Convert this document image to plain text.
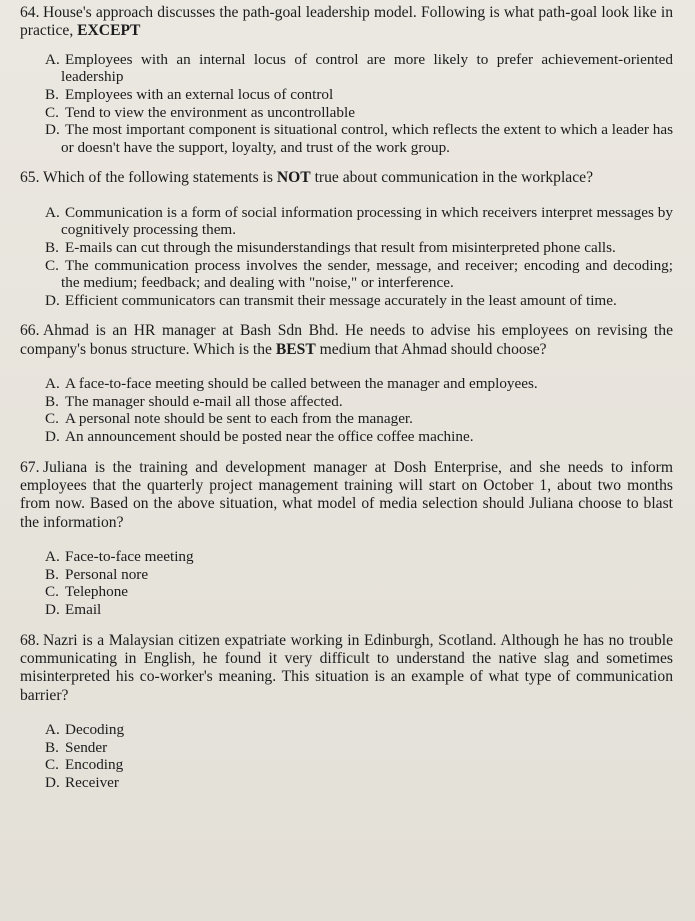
64. House's approach discusses the path-goal leadership model. Following is what path-goal look like in practice, EXCEPT
A. Employees with an internal locus of control are more likely to prefer achievement-oriented leadership
B. Employees with an external locus of control
C. Tend to view the environment as uncontrollable
D. The most important component is situational control, which reflects the extent to which a leader has or doesn't have the support, loyalty, and trust of the work group.
65. Which of the following statements is NOT true about communication in the workplace?
A. Communication is a form of social information processing in which receivers interpret messages by cognitively processing them.
B. E-mails can cut through the misunderstandings that result from misinterpreted phone calls.
C. The communication process involves the sender, message, and receiver; encoding and decoding; the medium; feedback; and dealing with "noise," or interference.
D. Efficient communicators can transmit their message accurately in the least amount of time.
66. Ahmad is an HR manager at Bash Sdn Bhd. He needs to advise his employees on revising the company's bonus structure. Which is the BEST medium that Ahmad should choose?
A. A face-to-face meeting should be called between the manager and employees.
B. The manager should e-mail all those affected.
C. A personal note should be sent to each from the manager.
D. An announcement should be posted near the office coffee machine.
67. Juliana is the training and development manager at Dosh Enterprise, and she needs to inform employees that the quarterly project management training will start on October 1, about two months from now. Based on the above situation, what model of media selection should Juliana choose to blast the information?
A. Face-to-face meeting
B. Personal nore
C. Telephone
D. Email
68. Nazri is a Malaysian citizen expatriate working in Edinburgh, Scotland. Although he has no trouble communicating in English, he found it very difficult to understand the native slag and sometimes misinterpreted his co-worker's meaning. This situation is an example of what type of communication barrier?
A. Decoding
B. Sender
C. Encoding
D. Receiver
